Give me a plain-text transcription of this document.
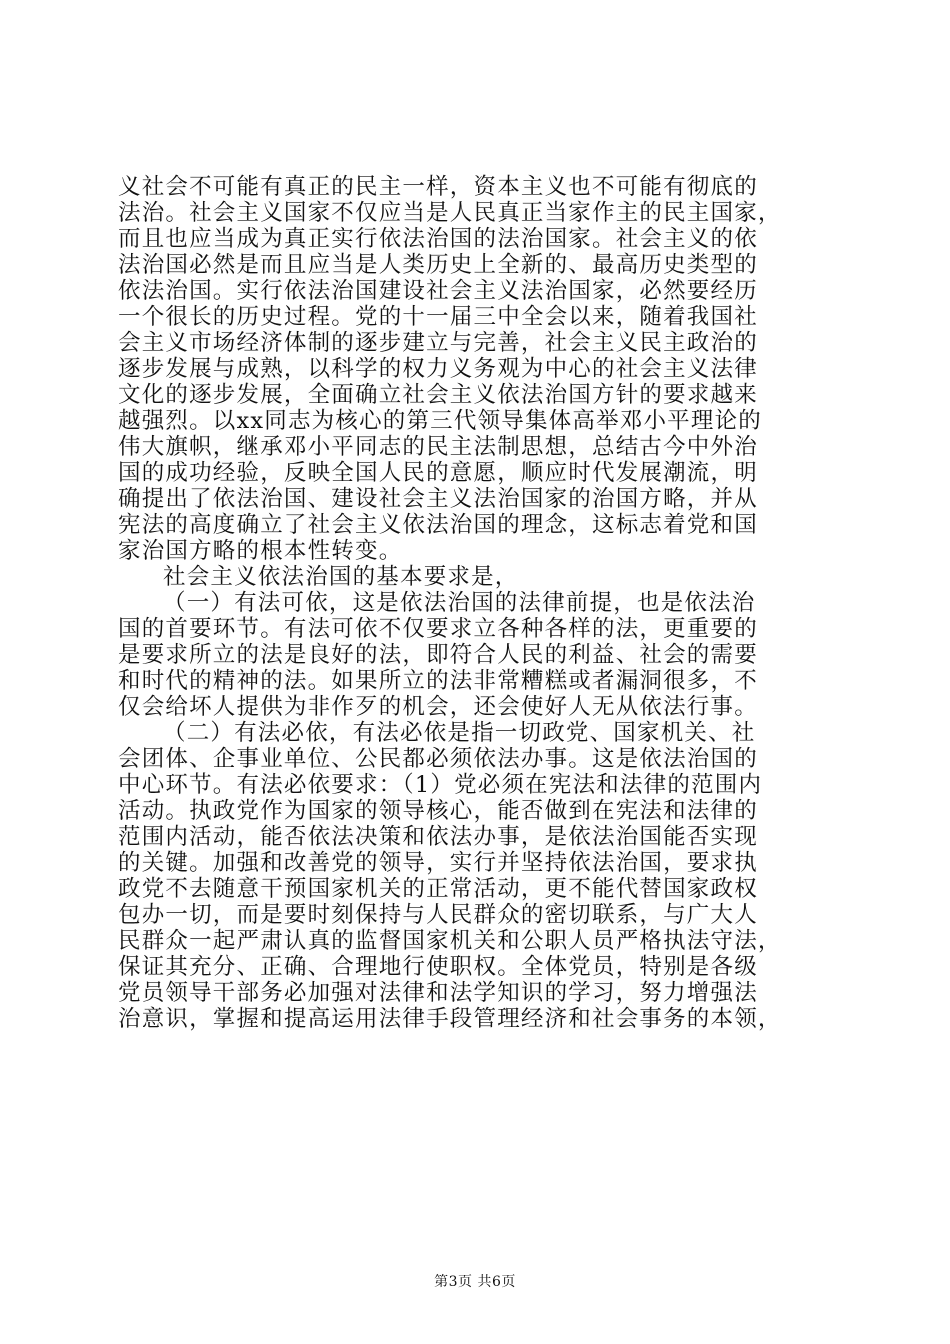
义社会不可能有真正的民主一样，资本主义也不可能有彻底的
法治。社会主义国家不仅应当是人民真正当家作主的民主国家，
而且也应当成为真正实行依法治国的法治国家。社会主义的依
法治国必然是而且应当是人类历史上全新的、最高历史类型的
依法治国。实行依法治国建设社会主义法治国家，必然要经历
一个很长的历史过程。党的十一届三中全会以来，随着我国社
会主义市场经济体制的逐步建立与完善，社会主义民主政治的
逐步发展与成熟，以科学的权力义务观为中心的社会主义法律
文化的逐步发展，全面确立社会主义依法治国方针的要求越来
越强烈。以xx同志为核心的第三代领导集体高举邓小平理论的
伟大旗帜，继承邓小平同志的民主法制思想，总结古今中外治
国的成功经验，反映全国人民的意愿，顺应时代发展潮流，明
确提出了依法治国、建设社会主义法治国家的治国方略，并从
宪法的高度确立了社会主义依法治国的理念，这标志着党和国
家治国方略的根本性转变。
社会主义依法治国的基本要求是，
（一）有法可依，这是依法治国的法律前提，也是依法治
国的首要环节。有法可依不仅要求立各种各样的法，更重要的
是要求所立的法是良好的法，即符合人民的利益、社会的需要
和时代的精神的法。如果所立的法非常糟糕或者漏洞很多，不
仅会给坏人提供为非作歹的机会，还会使好人无从依法行事。
（二）有法必依，有法必依是指一切政党、国家机关、社
会团体、企事业单位、公民都必须依法办事。这是依法治国的
中心环节。有法必依要求：（1）党必须在宪法和法律的范围内
活动。执政党作为国家的领导核心，能否做到在宪法和法律的
范围内活动，能否依法决策和依法办事，是依法治国能否实现
的关键。加强和改善党的领导，实行并坚持依法治国，要求执
政党不去随意干预国家机关的正常活动，更不能代替国家政权
包办一切，而是要时刻保持与人民群众的密切联系，与广大人
民群众一起严肃认真的监督国家机关和公职人员严格执法守法，
保证其充分、正确、合理地行使职权。全体党员，特别是各级
党员领导干部务必加强对法律和法学知识的学习，努力增强法
治意识，掌握和提高运用法律手段管理经济和社会事务的本领，
第3页 共6页
